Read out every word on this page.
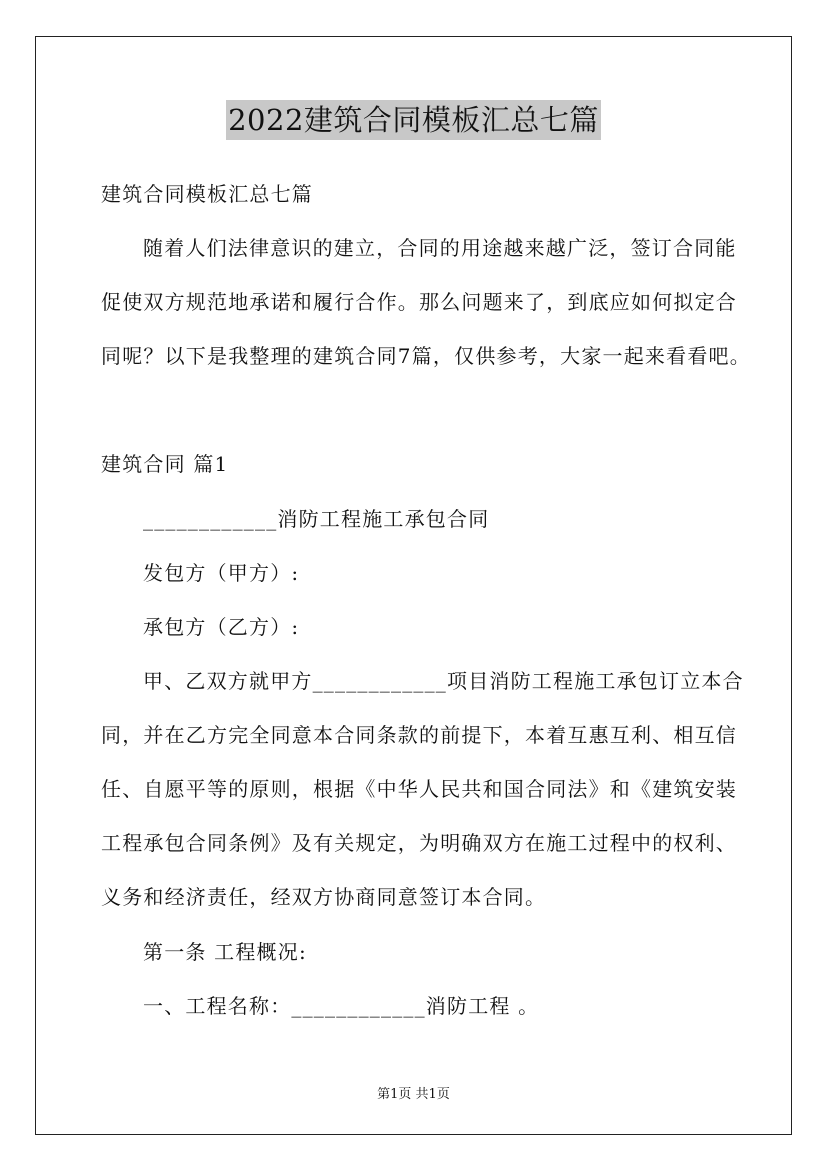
2022建筑合同模板汇总七篇
建筑合同模板汇总七篇
随着人们法律意识的建立，合同的用途越来越广泛，签订合同能
促使双方规范地承诺和履行合作。那么问题来了，到底应如何拟定合
同呢？以下是我整理的建筑合同7篇，仅供参考，大家一起来看看吧。
建筑合同 篇1
____________消防工程施工承包合同
发包方（甲方）:
承包方（乙方）:
甲、乙双方就甲方____________项目消防工程施工承包订立本合
同，并在乙方完全同意本合同条款的前提下，本着互惠互利、相互信
任、自愿平等的原则，根据《中华人民共和国合同法》和《建筑安装
工程承包合同条例》及有关规定，为明确双方在施工过程中的权利、
义务和经济责任，经双方协商同意签订本合同。
第一条 工程概况:
一、工程名称：____________消防工程 。
第1页 共1页
